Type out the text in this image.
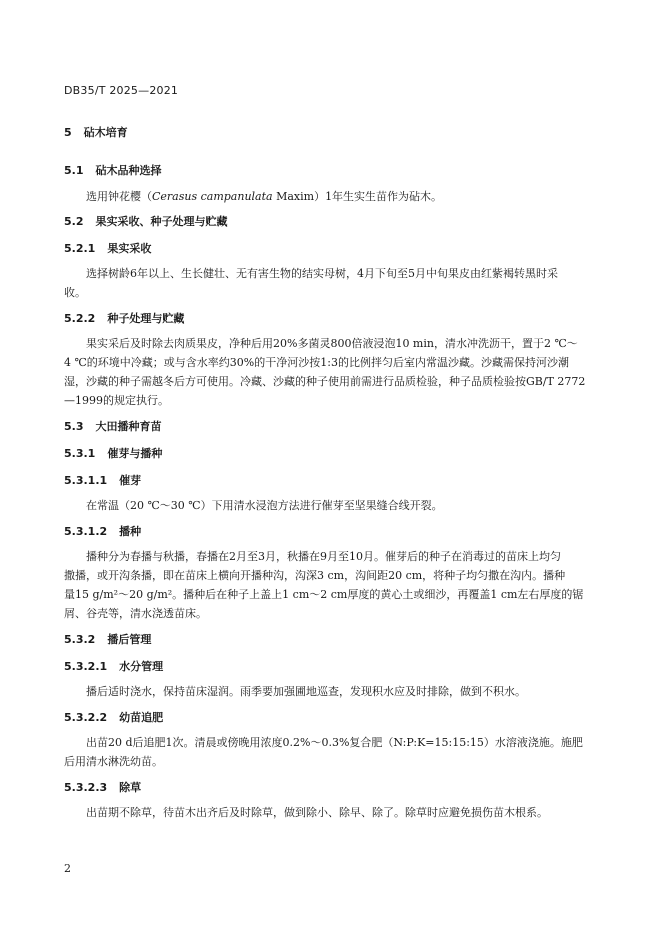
DB35/T 2025—2021
5 砧木培育
5.1 砧木品种选择
选用钟花樱（Cerasus campanulata Maxim）1年生实生苗作为砧木。
5.2 果实采收、种子处理与贮藏
5.2.1 果实采收
选择树龄6年以上、生长健壮、无有害生物的结实母树，4月下旬至5月中旬果皮由红紫褐转黑时采
收。
5.2.2 种子处理与贮藏
果实采后及时除去肉质果皮，净种后用20%多菌灵800倍液浸泡10 min，清水冲洗沥干，置于2 ℃～
4 ℃的环境中冷藏；或与含水率约30%的干净河沙按1:3的比例拌匀后室内常温沙藏。沙藏需保持河沙潮
湿，沙藏的种子需越冬后方可使用。冷藏、沙藏的种子使用前需进行品质检验，种子品质检验按GB/T 2772
—1999的规定执行。
5.3 大田播种育苗
5.3.1 催芽与播种
5.3.1.1 催芽
在常温（20 ℃～30 ℃）下用清水浸泡方法进行催芽至坚果缝合线开裂。
5.3.1.2 播种
播种分为春播与秋播，春播在2月至3月，秋播在9月至10月。催芽后的种子在消毒过的苗床上均匀
撒播，或开沟条播，即在苗床上横向开播种沟，沟深3 cm，沟间距20 cm，将种子均匀撒在沟内。播种
量15 g/m²～20 g/m²。播种后在种子上盖上1 cm～2 cm厚度的黄心土或细沙，再覆盖1 cm左右厚度的锯
屑、谷壳等，清水浇透苗床。
5.3.2 播后管理
5.3.2.1 水分管理
播后适时浇水，保持苗床湿润。雨季要加强圃地巡查，发现积水应及时排除，做到不积水。
5.3.2.2 幼苗追肥
出苗20 d后追肥1次。清晨或傍晚用浓度0.2%～0.3%复合肥（N:P:K=15:15:15）水溶液浇施。施肥
后用清水淋洗幼苗。
5.3.2.3 除草
出苗期不除草，待苗木出齐后及时除草，做到除小、除早、除了。除草时应避免损伤苗木根系。
2
